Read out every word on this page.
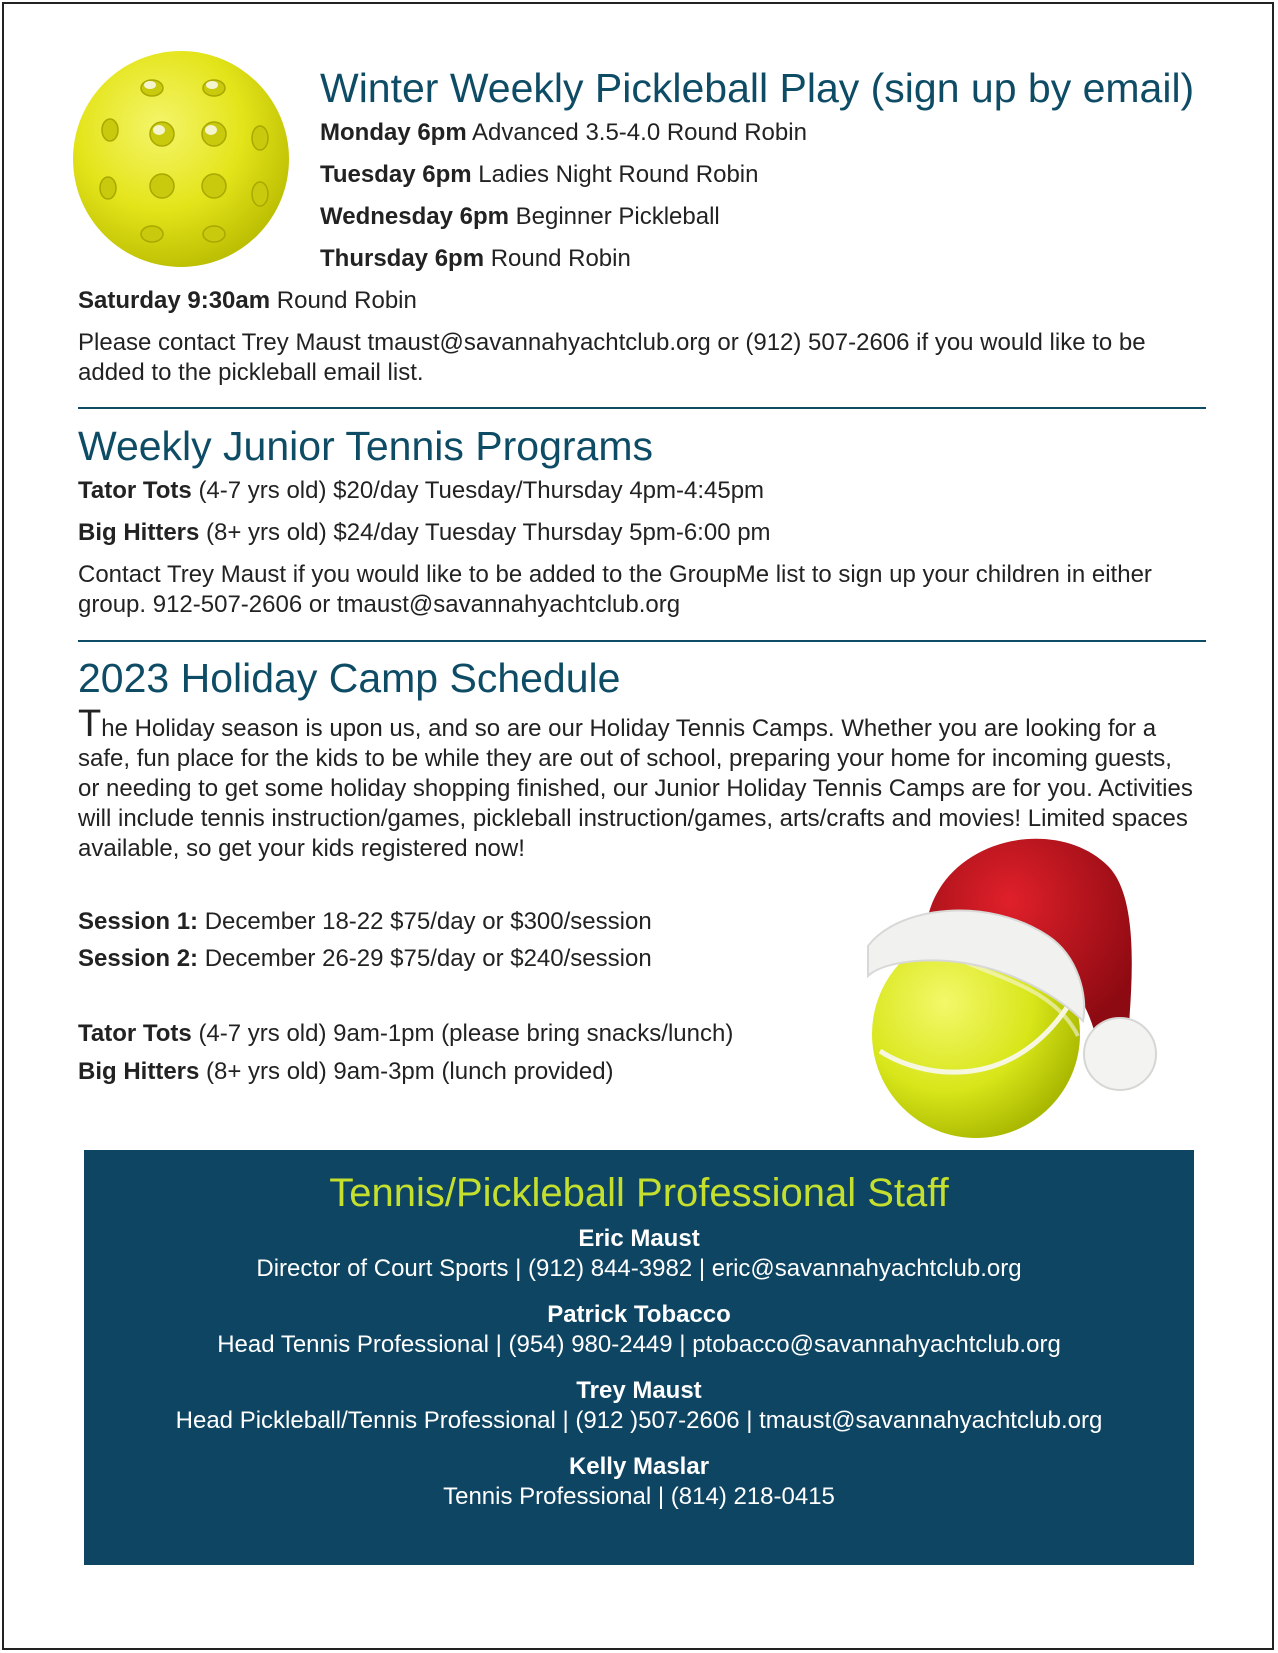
Winter Weekly Pickleball Play (sign up by email)
Monday 6pm Advanced 3.5-4.0 Round Robin
Tuesday 6pm Ladies Night Round Robin
Wednesday 6pm Beginner Pickleball
Thursday 6pm Round Robin
Saturday 9:30am Round Robin

Please contact Trey Maust tmaust@savannahyachtclub.org or (912) 507-2606 if you would like to be added to the pickleball email list.

Weekly Junior Tennis Programs
Tator Tots (4-7 yrs old) $20/day Tuesday/Thursday 4pm-4:45pm
Big Hitters (8+ yrs old) $24/day Tuesday Thursday 5pm-6:00 pm

Contact Trey Maust if you would like to be added to the GroupMe list to sign up your children in either group. 912-507-2606 or tmaust@savannahyachtclub.org

2023 Holiday Camp Schedule

The Holiday season is upon us, and so are our Holiday Tennis Camps. Whether you are looking for a safe, fun place for the kids to be while they are out of school, preparing your home for incoming guests, or needing to get some holiday shopping finished, our Junior Holiday Tennis Camps are for you. Activities will include tennis instruction/games, pickleball instruction/games, arts/crafts and movies! Limited spaces available, so get your kids registered now!

Session 1: December 18-22 $75/day or $300/session
Session 2: December 26-29 $75/day or $240/session
Tator Tots (4-7 yrs old) 9am-1pm (please bring snacks/lunch)
Big Hitters (8+ yrs old) 9am-3pm (lunch provided)
Tennis/Pickleball Professional Staff
Eric Maust
Director of Court Sports | (912) 844-3982 | eric@savannahyachtclub.org
Patrick Tobacco
Head Tennis Professional | (954) 980-2449 | ptobacco@savannahyachtclub.org
Trey Maust
Head Pickleball/Tennis Professional | (912 )507-2606 | tmaust@savannahyachtclub.org
Kelly Maslar
Tennis Professional | (814) 218-0415
